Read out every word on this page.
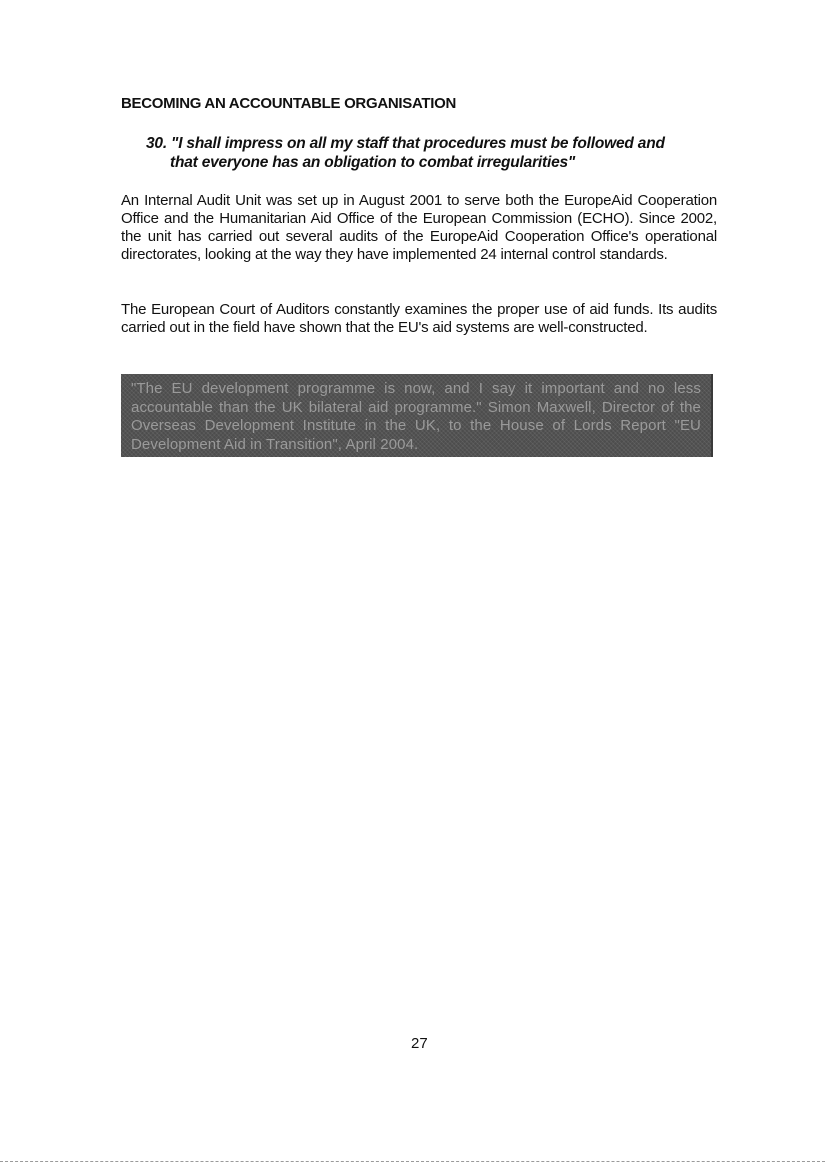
BECOMING AN ACCOUNTABLE ORGANISATION

30. "I shall impress on all my staff that procedures must be followed and
that everyone has an obligation to combat irregularities"

An Internal Audit Unit was set up in August 2001 to serve both the EuropeAid Cooperation Office and the Humanitarian Aid Office of the European Commission (ECHO). Since 2002, the unit has carried out several audits of the EuropeAid Cooperation Office's operational directorates, looking at the way they have implemented 24 internal control standards.

The European Court of Auditors constantly examines the proper use of aid funds. Its audits carried out in the field have shown that the EU's aid systems are well-constructed.

"The EU development programme is now, and I say it important and no less accountable than the UK bilateral aid programme." Simon Maxwell, Director of the Overseas Development Institute in the UK, to the House of Lords Report "EU Development Aid in Transition", April 2004.

27
